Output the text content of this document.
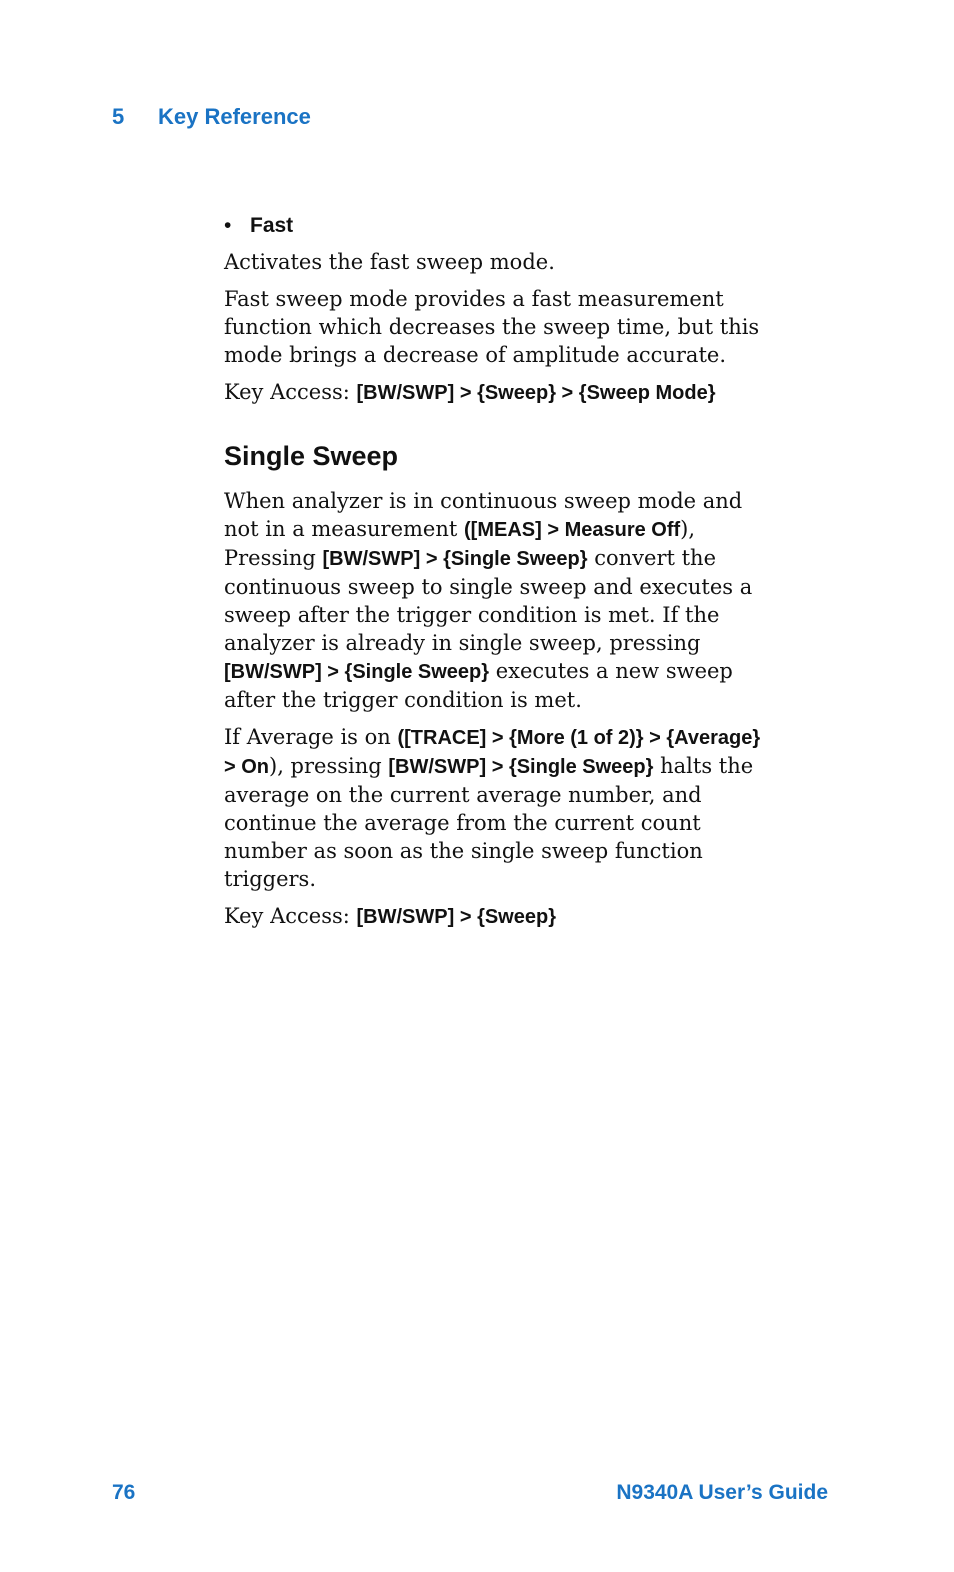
5 Key Reference
• Fast

Activates the fast sweep mode.

Fast sweep mode provides a fast measurement
function which decreases the sweep time, but this
mode brings a decrease of amplitude accurate.

Key Access: [BW/SWP] > {Sweep} > {Sweep Mode}

Single Sweep

When analyzer is in continuous sweep mode and
not in a measurement ([MEAS] > Measure Off),
Pressing [BW/SWP] > {Single Sweep} convert the
continuous sweep to single sweep and executes a
sweep after the trigger condition is met. If the
analyzer is already in single sweep, pressing
[BW/SWP] > {Single Sweep} executes a new sweep
after the trigger condition is met.

If Average is on ([TRACE] > {More (1 of 2)} > {Average}
> On), pressing [BW/SWP] > {Single Sweep} halts the
average on the current average number, and
continue the average from the current count
number as soon as the single sweep function
triggers.

Key Access: [BW/SWP] > {Sweep}

76	N9340A User’s Guide
